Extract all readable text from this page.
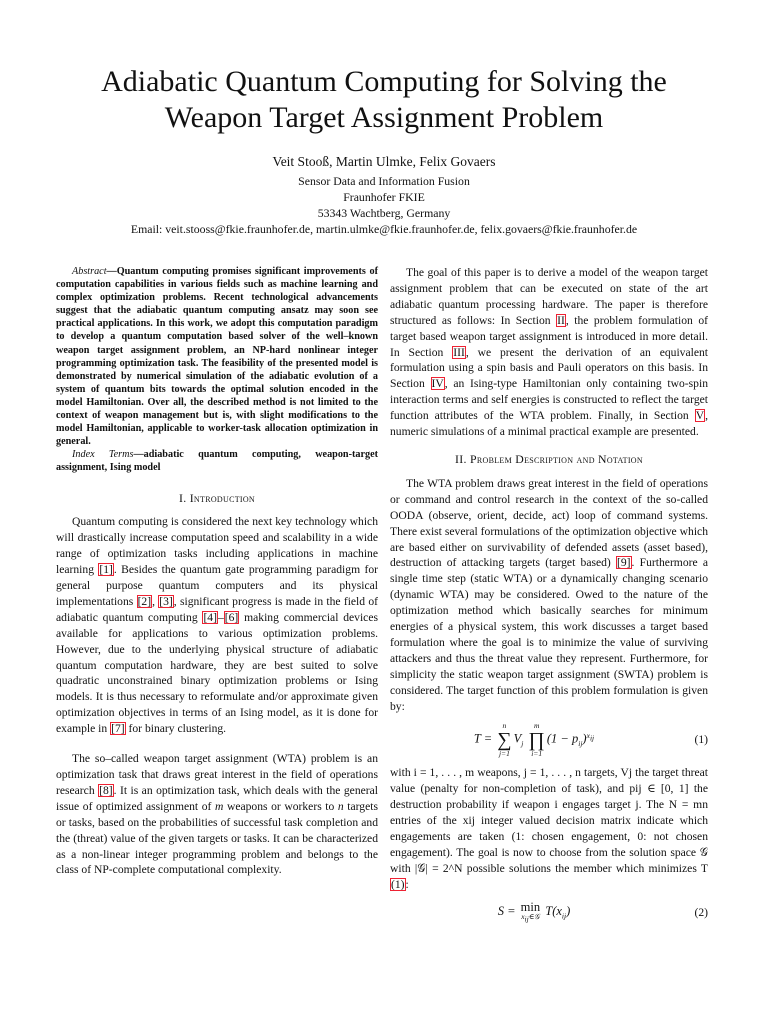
Adiabatic Quantum Computing for Solving the
Weapon Target Assignment Problem
Veit Stooß, Martin Ulmke, Felix Govaers
Sensor Data and Information Fusion
Fraunhofer FKIE
53343 Wachtberg, Germany
Email: veit.stooss@fkie.fraunhofer.de, martin.ulmke@fkie.fraunhofer.de, felix.govaers@fkie.fraunhofer.de

Abstract—Quantum computing promises significant improvements of computation capabilities in various fields such as machine learning and complex optimization problems. Recent technological advancements suggest that the adiabatic quantum computing ansatz may soon see practical applications. In this work, we adopt this computation paradigm to develop a quantum computation based solver of the well–known weapon target assignment problem, an NP-hard nonlinear integer programming optimization task. The feasibility of the presented model is demonstrated by numerical simulation of the adiabatic evolution of a system of quantum bits towards the optimal solution encoded in the model Hamiltonian. Over all, the described method is not limited to the context of weapon management but is, with slight modifications to the model Hamiltonian, applicable to worker-task allocation optimization in general.

Index Terms—adiabatic quantum computing, weapon-target assignment, Ising model

I. Introduction

Quantum computing is considered the next key technology which will drastically increase computation speed and scalability in a wide range of optimization tasks including applications in machine learning [1]. Besides the quantum gate programming paradigm for general purpose quantum computers and its physical implementations [2], [3], significant progress is made in the field of adiabatic quantum computing [4]–[6] making commercial devices available for applications to various optimization problems. However, due to the underlying physical structure of adiabatic quantum computation hardware, they are best suited to solve quadratic unconstrained binary optimization problems or Ising models. It is thus necessary to reformulate and/or approximate given optimization objectives in terms of an Ising model, as it is done for example in [7] for binary clustering.

The so–called weapon target assignment (WTA) problem is an optimization task that draws great interest in the field of operations research [8]. It is an optimization task, which deals with the general issue of optimized assignment of m weapons or workers to n targets or tasks, based on the probabilities of successful task completion and the (threat) value of the given targets or tasks. It can be characterized as a non-linear integer programming problem and belongs to the class of NP-complete computational complexity.

The goal of this paper is to derive a model of the weapon target assignment problem that can be executed on state of the art adiabatic quantum processing hardware. The paper is therefore structured as follows: In Section II, the problem formulation of target based weapon target assignment is introduced in more detail. In Section III, we present the derivation of an equivalent formulation using a spin basis and Pauli operators on this basis. In Section IV, an Ising-type Hamiltonian only containing two-spin interaction terms and self energies is constructed to reflect the target function attributes of the WTA problem. Finally, in Section V, numeric simulations of a minimal practical example are presented.

II. Problem Description and Notation

The WTA problem draws great interest in the field of operations or command and control research in the context of the so-called OODA (observe, orient, decide, act) loop of command systems. There exist several formulations of the optimization objective which are based either on survivability of defended assets (asset based), destruction of attacking targets (target based) [9]. Furthermore a single time step (static WTA) or a dynamically changing scenario (dynamic WTA) may be considered. Owed to the nature of the optimization method which basically searches for minimum energies of a physical system, this work discusses a target based formulation where the goal is to minimize the value of surviving attackers and thus the threat value they represent. Furthermore, for simplicity the static weapon target assignment (SWTA) problem is considered. The target function of this problem formulation is given by:

T =
n
∑
j=1
$V_j$
m
∏
i=1
$(1 - p_{ij})^{x_{ij}}$	(1)

with i = 1, . . . , m weapons, j = 1, . . . , n targets, Vj the target threat value (penalty for non-completion of task), and pij ∈ [0, 1] the destruction probability if weapon i engages target j. The N = mn entries of the xij integer valued decision matrix indicate which engagements are taken (1: chosen engagement, 0: not chosen engagement). The goal is now to choose from the solution space 𝒢 with |𝒢| = 2^N possible solutions the member which minimizes T (1):

S = min
$x_{ij}\in 𝒢$ $T(x_{ij})$	(2)
